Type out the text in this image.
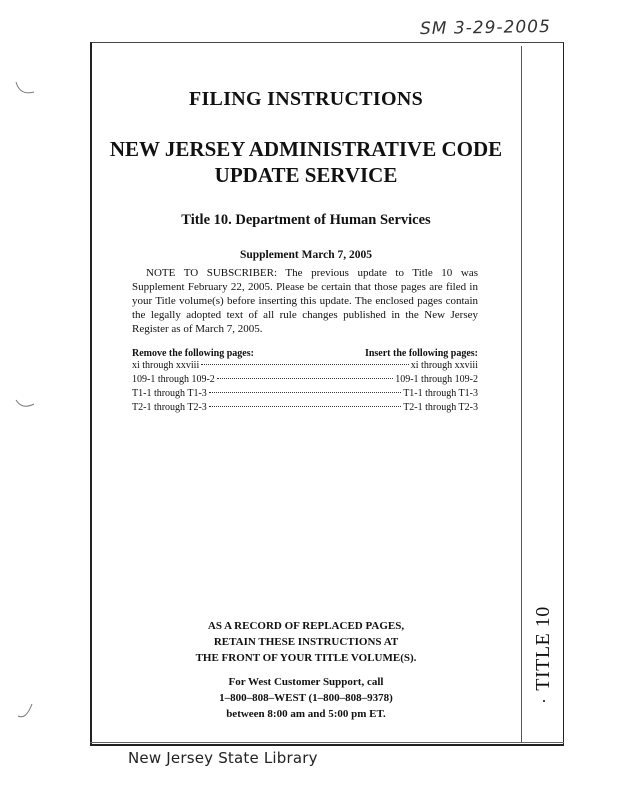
SM 3-29-2005
TITLE 10
FILING INSTRUCTIONS
NEW JERSEY ADMINISTRATIVE CODE
UPDATE SERVICE
Title 10. Department of Human Services
Supplement March 7, 2005
NOTE TO SUBSCRIBER: The previous update to Title 10 was Supplement February 22, 2005. Please be certain that those pages are filed in your Title volume(s) before inserting this update. The enclosed pages contain the legally adopted text of all rule changes published in the New Jersey Register as of March 7, 2005.
Remove the following pages:	Insert the following pages:
xi through xxviii	xi through xxviii
109-1 through 109-2	109-1 through 109-2
T1-1 through T1-3	T1-1 through T1-3
T2-1 through T2-3	T2-1 through T2-3
AS A RECORD OF REPLACED PAGES,
RETAIN THESE INSTRUCTIONS AT
THE FRONT OF YOUR TITLE VOLUME(S).
For West Customer Support, call
1–800–808–WEST (1–800–808–9378)
between 8:00 am and 5:00 pm ET.
New Jersey State Library
